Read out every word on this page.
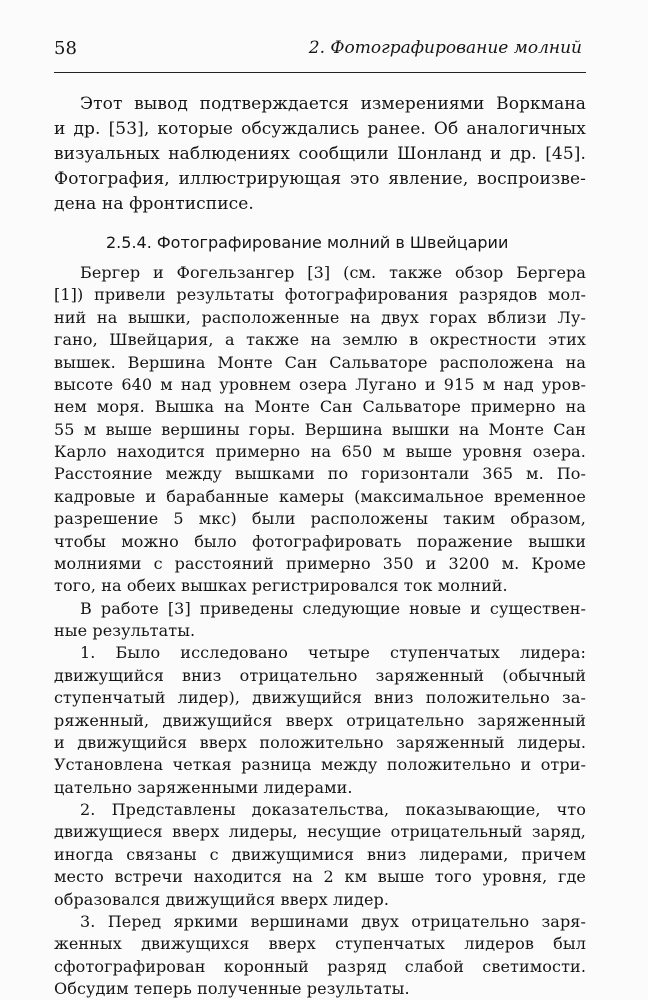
58	2. Фотографирование молний
Этот вывод подтверждается измерениями Воркмана
и др. [53], которые обсуждались ранее. Об аналогичных
визуальных наблюдениях сообщили Шонланд и др. [45].
Фотография, иллюстрирующая это явление, воспроизве-
дена на фронтисписе.
2.5.4. Фотографирование молний в Швейцарии
Бергер и Фогельзангер [3] (см. также обзор Бергера
[1]) привели результаты фотографирования разрядов мол-
ний на вышки, расположенные на двух горах вблизи Лу-
гано, Швейцария, а также на землю в окрестности этих
вышек. Вершина Монте Сан Сальваторе расположена на
высоте 640 м над уровнем озера Лугано и 915 м над уров-
нем моря. Вышка на Монте Сан Сальваторе примерно на
55 м выше вершины горы. Вершина вышки на Монте Сан
Карло находится примерно на 650 м выше уровня озера.
Расстояние между вышками по горизонтали 365 м. По-
кадровые и барабанные камеры (максимальное временное
разрешение 5 мкс) были расположены таким образом,
чтобы можно было фотографировать поражение вышки
молниями с расстояний примерно 350 и 3200 м. Кроме
того, на обеих вышках регистрировался ток молний.
В работе [3] приведены следующие новые и существен-
ные результаты.
1. Было исследовано четыре ступенчатых лидера:
движущийся вниз отрицательно заряженный (обычный
ступенчатый лидер), движущийся вниз положительно за-
ряженный, движущийся вверх отрицательно заряженный
и движущийся вверх положительно заряженный лидеры.
Установлена четкая разница между положительно и отри-
цательно заряженными лидерами.
2. Представлены доказательства, показывающие, что
движущиеся вверх лидеры, несущие отрицательный заряд,
иногда связаны с движущимися вниз лидерами, причем
место встречи находится на 2 км выше того уровня, где
образовался движущийся вверх лидер.
3. Перед яркими вершинами двух отрицательно заря-
женных движущихся вверх ступенчатых лидеров был
сфотографирован коронный разряд слабой светимости.
Обсудим теперь полученные результаты.
